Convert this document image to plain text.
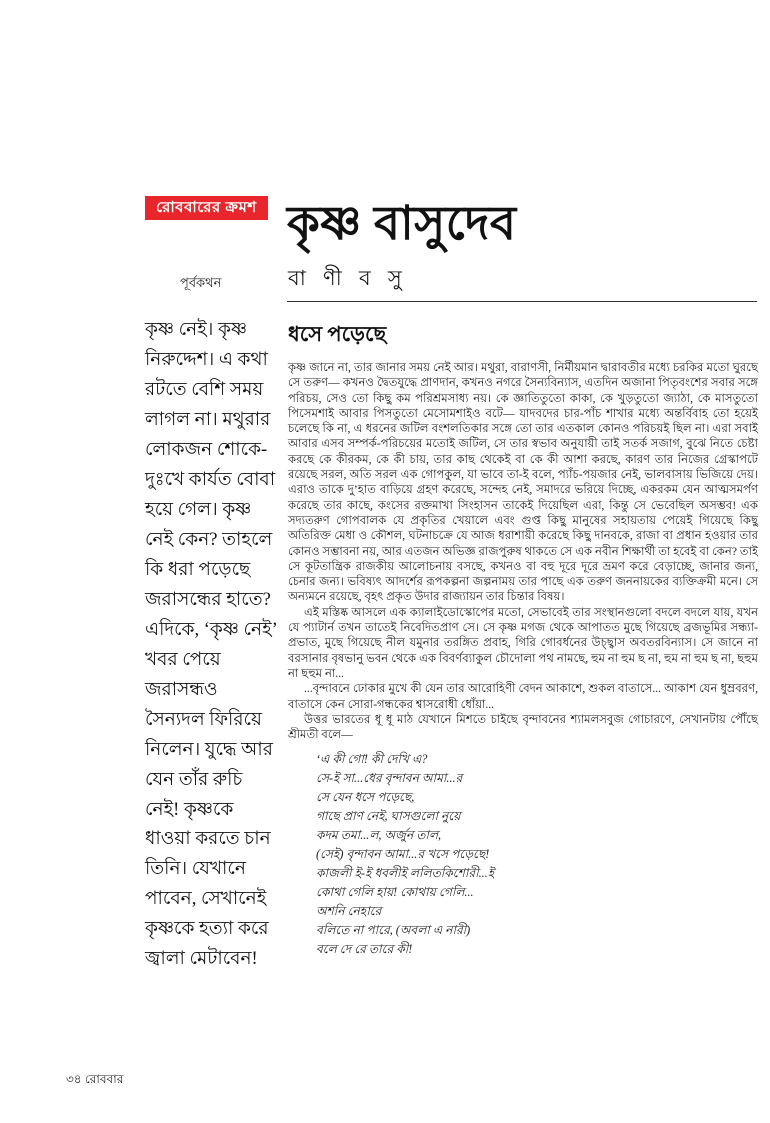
রোববারের ক্রমশ কৃষ্ণ বাসুদেব
পূর্বকথন	বা ণী ব সু
কৃষ্ণ নেই। কৃষ্ণ নিরুদ্দেশ। এ কথা রটতে বেশি সময় লাগল না। মথুরার লোকজন শোকে-দুঃখে কার্যত বোবা হয়ে গেল। কৃষ্ণ নেই কেন? তাহলে কি ধরা পড়েছে জরাসন্ধের হাতে? এদিকে, ‘কৃষ্ণ নেই’ খবর পেয়ে জরাসন্ধও সৈন্যদল ফিরিয়ে নিলেন। যুদ্ধে আর যেন তাঁর রুচি নেই! কৃষ্ণকে ধাওয়া করতে চান তিনি। যেখানে পাবেন, সেখানেই কৃষ্ণকে হত্যা করে জ্বালা মেটাবেন!
ধসে পড়েছে

কৃষ্ণ জানে না, তার জানার সময় নেই আর। মথুরা, বারাণসী, নির্মীয়মান দ্বারাবতীর মধ্যে চরকির মতো ঘুরছে সে তরুণ— কখনও দ্বৈতযুদ্ধে প্রাণদান, কখনও নগরে সৈন্যবিন্যাস, এতদিন অজানা পিতৃবংশের সবার সঙ্গে পরিচয়, সেও তো কিছু কম পরিশ্রমসাধ্য নয়। কে জ্ঞাতিতুতো কাকা, কে খুড়তুতো জ্যাঠা, কে মাসতুতো পিসেমশাই আবার পিসতুতো মেসোমশাইও বটে— যাদবদের চার-পাঁচ শাখার মধ্যে অন্তর্বিবাহ তো হয়েই চলেছে কি না, এ ধরনের জটিল বংশলতিকার সঙ্গে তো তার এতকাল কোনও পরিচয়ই ছিল না। এরা সবাই আবার এসব সম্পর্ক-পরিচয়ের মতোই জটিল, সে তার স্বভাব অনুযায়ী তাই সতর্ক সজাগ, বুঝে নিতে চেষ্টা করছে কে কীরকম, কে কী চায়, তার কাছ থেকেই বা কে কী আশা করছে, কারণ তার নিজের গ্রেস্কাপটে রয়েছে সরল, অতি সরল এক গোপকুল, যা ভাবে তা-ই বলে, প্যাঁচ-পয়জার নেই, ভালবাসায় ভিজিয়ে দেয়। এরাও তাকে দু’হাত বাড়িয়ে গ্রহণ করেছে, সন্দেহ নেই, সমাদরে ভরিয়ে দিচ্ছে, একরকম যেন আত্মসমর্পণ করেছে তার কাছে, কংসের রক্তমাখা সিংহাসন তাকেই দিয়েছিল এরা, কিন্তু সে ভেবেছিল অসম্ভব! এক সদ্যতরুণ গোপবালক যে প্রকৃতির খেয়ালে এবং গুপ্ত কিছু মানুষের সহায়তায় পেয়েই গিয়েছে কিছু অতিরিক্ত মেধা ও কৌশল, ঘটনাচক্রে যে আজ ধরাশায়ী করেছে কিছু দানবকে, রাজা বা প্রধান হওয়ার তার কোনও সম্ভাবনা নয়, আর এতজন অভিজ্ঞ রাজপুরুষ থাকতে সে এক নবীন শিক্ষার্থী তা হবেই বা কেন? তাই সে কূটতান্ত্রিক রাজকীয় আলোচনায় বসছে, কখনও বা বহু দূরে দূরে ভ্রমণ করে বেড়াচ্ছে, জানার জন্য, চেনার জন্য। ভবিষ্যৎ আদর্শের রূপকল্পনা জল্পনাময় তার পাছে এক তরুণ জননায়কের ব্যক্তিক্রমী মনে। সে অন্যমনে রয়েছে, বৃহৎ প্রকৃত উদার রাজ্যায়ন তার চিন্তার বিষয়।

এই মস্তিষ্ক আসলে এক ক্যালাইডোস্কোপের মতো, সেভাবেই তার সংস্থানগুলো বদলে বদলে যায়, যখন যে প্যাটার্ন তখন তাতেই নিবেদিতপ্রাণ সে। সে কৃষ্ণ মগজ থেকে আপাতত মুছে গিয়েছে ব্রজভূমির সন্ধ্যা-প্রভাত, মুছে গিয়েছে নীল যমুনার তরঙ্গিত প্রবাহ, গিরি গোবর্ধনের উচ্ছ্বাস অবতরবিন্যাস। সে জানে না বরসানার বৃষভানু ভবন থেকে এক বিবর্ণব্যাকুল চৌদোলা পথ নামছে, হুম না হুম ছ না, হুম না হুম ছ না, ছহুম না ছহুম না...

...বৃন্দাবনে ঢোকার মুখে কী যেন তার আরোহিণী বেদন আকাশে, শুকল বাতাসে... আকাশ যেন ধুম্রবরণ, বাতাসে কেন সোরা-গন্ধকের শ্বাসরোধী ধোঁয়া...

উত্তর ভারতের ধূ ধূ মাঠ যেখানে মিশতে চাইছে বৃন্দাবনের শ্যামলসবুজ গোচারণে, সেখানটায় পৌঁছে শ্রীমতী বলে—

‘এ কী গো! কী দেখি এ?
সে-ই সা...ধের বৃন্দাবন আমা...র
সে যেন ধসে পড়েছে,
গাছে প্রাণ নেই, ঘাসগুলো নুয়ে
কদম তমা...ল, অর্জুন তাল,
(সেই) বৃন্দাবন আমা...র খসে পড়েছে!
কাজলী ই-ই ধবলীই ললিতকিশোরী...ই
কোথা গেলি হায়! কোথায় গেলি...
অশনি নেহারে
বলিতে না পারে, (অবলা এ নারী)
বলে দে রে তারে কী!
৩৪ রোববার
